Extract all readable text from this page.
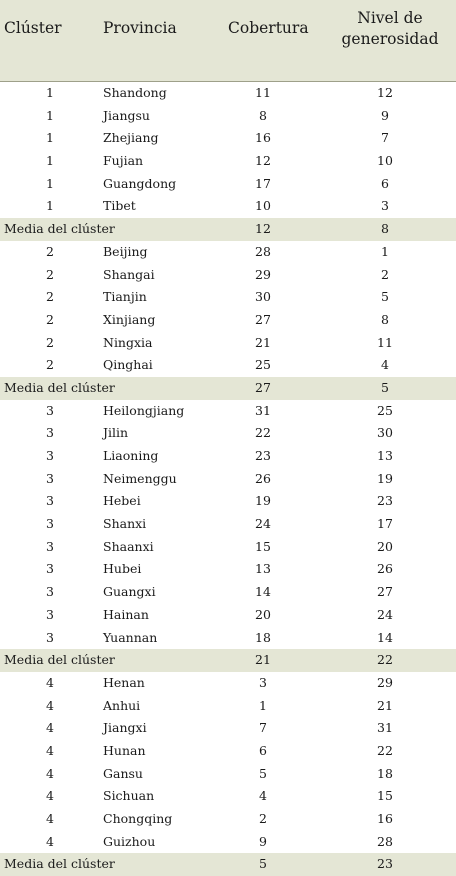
Clúster	Provincia	Cobertura
Nivel de
generosidad
1	Shandong	11	12
1	Jiangsu	8	9
1	Zhejiang	16	7
1	Fujian	12	10
1	Guangdong	17	6
1	Tibet	10	3
Media del clúster	12	8
2	Beijing	28	1
2	Shangai	29	2
2	Tianjin	30	5
2	Xinjiang	27	8
2	Ningxia	21	11
2	Qinghai	25	4
Media del clúster	27	5
3	Heilongjiang	31	25
3	Jilin	22	30
3	Liaoning	23	13
3	Neimenggu	26	19
3	Hebei	19	23
3	Shanxi	24	17
3	Shaanxi	15	20
3	Hubei	13	26
3	Guangxi	14	27
3	Hainan	20	24
3	Yuannan	18	14
Media del clúster	21	22
4	Henan	3	29
4	Anhui	1	21
4	Jiangxi	7	31
4	Hunan	6	22
4	Gansu	5	18
4	Sichuan	4	15
4	Chongqing	2	16
4	Guizhou	9	28
Media del clúster	5	23
